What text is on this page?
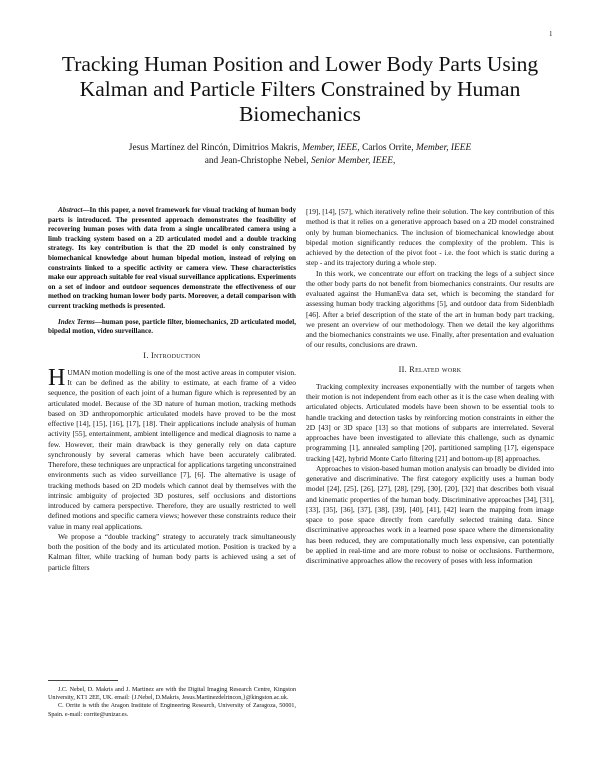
1
Tracking Human Position and Lower Body Parts Using Kalman and Particle Filters Constrained by Human Biomechanics
Jesus Martínez del Rincón, Dimitrios Makris, Member, IEEE, Carlos Orrite, Member, IEEE
and Jean-Christophe Nebel, Senior Member, IEEE,

Abstract—In this paper, a novel framework for visual tracking of human body parts is introduced. The presented approach demonstrates the feasibility of recovering human poses with data from a single uncalibrated camera using a limb tracking system based on a 2D articulated model and a double tracking strategy. Its key contribution is that the 2D model is only constrained by biomechanical knowledge about human bipedal motion, instead of relying on constraints linked to a specific activity or camera view. These characteristics make our approach suitable for real visual surveillance applications. Experiments on a set of indoor and outdoor sequences demonstrate the effectiveness of our method on tracking human lower body parts. Moreover, a detail comparison with current tracking methods is presented.

Index Terms—human pose, particle filter, biomechanics, 2D articulated model, bipedal motion, video surveillance.

I. Introduction

HUMAN motion modelling is one of the most active areas in computer vision. It can be defined as the ability to estimate, at each frame of a video sequence, the position of each joint of a human figure which is represented by an articulated model. Because of the 3D nature of human motion, tracking methods based on 3D anthropomorphic articulated models have proved to be the most effective [14], [15], [16], [17], [18]. Their applications include analysis of human activity [55], entertainment, ambient intelligence and medical diagnosis to name a few. However, their main drawback is they generally rely on data capture synchronously by several cameras which have been accurately calibrated. Therefore, these techniques are unpractical for applications targeting unconstrained environments such as video surveillance [7], [6]. The alternative is usage of tracking methods based on 2D models which cannot deal by themselves with the intrinsic ambiguity of projected 3D postures, self occlusions and distortions introduced by camera perspective. Therefore, they are usually restricted to well defined motions and specific camera views; however these constraints reduce their value in many real applications.

We propose a “double tracking” strategy to accurately track simultaneously both the position of the body and its articulated motion. Position is tracked by a Kalman filter, while tracking of human body parts is achieved using a set of particle filters

[19], [14], [57], which iteratively refine their solution. The key contribution of this method is that it relies on a generative approach based on a 2D model constrained only by human biomechanics. The inclusion of biomechanical knowledge about bipedal motion significantly reduces the complexity of the problem. This is achieved by the detection of the pivot foot - i.e. the foot which is static during a step - and its trajectory during a whole step.

In this work, we concentrate our effort on tracking the legs of a subject since the other body parts do not benefit from biomechanics constraints. Our results are evaluated against the HumanEva data set, which is becoming the standard for assessing human body tracking algorithms [5], and outdoor data from Sidenbladh [46]. After a brief description of the state of the art in human body part tracking, we present an overview of our methodology. Then we detail the key algorithms and the biomechanics constraints we use. Finally, after presentation and evaluation of our results, conclusions are drawn.

II. Related work

Tracking complexity increases exponentially with the number of targets when their motion is not independent from each other as it is the case when dealing with articulated objects. Articulated models have been shown to be essential tools to handle tracking and detection tasks by reinforcing motion constraints in either the 2D [43] or 3D space [13] so that motions of subparts are interrelated. Several approaches have been investigated to alleviate this challenge, such as dynamic programming [1], annealed sampling [20], partitioned sampling [17], eigenspace tracking [42], hybrid Monte Carlo filtering [21] and bottom-up [8] approaches.

Approaches to vision-based human motion analysis can broadly be divided into generative and discriminative. The first category explicitly uses a human body model [24], [25], [26], [27], [28], [29], [30], [20], [32] that describes both visual and kinematic properties of the human body. Discriminative approaches [34], [31], [33], [35], [36], [37], [38], [39], [40], [41], [42] learn the mapping from image space to pose space directly from carefully selected training data. Since discriminative approaches work in a learned pose space where the dimensionality has been reduced, they are computationally much less expensive, can potentially be applied in real-time and are more robust to noise or occlusions. Furthermore, discriminative approaches allow the recovery of poses with less information

J.C. Nebel, D. Makris and J. Martinez are with the Digital Imaging Research Centre, Kingston University, KT1 2EE, UK. email: {J.Nebel, D.Makris, Jesus.Martinezdelrincon,}@kingston.ac.uk.

C. Orrite is with the Aragon Institute of Engineering Research, University of Zaragoza, 50001, Spain. e-mail: corrite@unizar.es.
